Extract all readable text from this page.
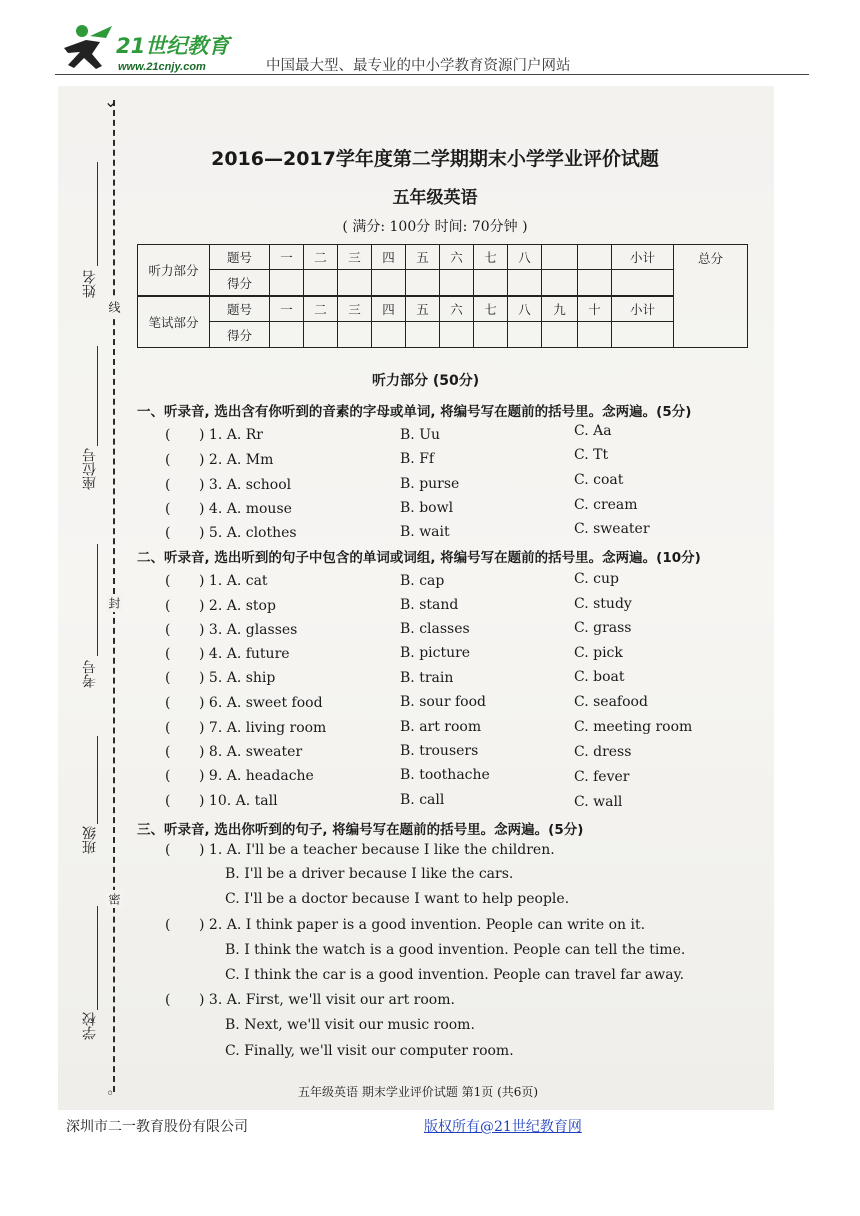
21世纪教育
www.21cnjy.com	中国最大型、最专业的中小学教育资源门户网站
⌄
◦
线
封
密
姓名
座位号
考号
班级
学校
2016—2017学年度第二学期期末小学学业评价试题
五年级英语
( 满分: 100分 时间: 70分钟 )
听力部分	题号	一	二	三	四	五	六	七	八			小计	总分
	得分												
笔试部分	题号	一	二	三	四	五	六	七	八	九	十	小计	
	得分												
听力部分 (50分)
一、听录音, 选出含有你听到的音素的字母或单词, 将编号写在题前的括号里。念两遍。(5分)
( ) 1. A. Rr	B. Uu	C. Aa
( ) 2. A. Mm	B. Ff	C. Tt
( ) 3. A. school	B. purse	C. coat
( ) 4. A. mouse	B. bowl	C. cream
( ) 5. A. clothes	B. wait	C. sweater
二、听录音, 选出听到的句子中包含的单词或词组, 将编号写在题前的括号里。念两遍。(10分)
( ) 1. A. cat	B. cap	C. cup
( ) 2. A. stop	B. stand	C. study
( ) 3. A. glasses	B. classes	C. grass
( ) 4. A. future	B. picture	C. pick
( ) 5. A. ship	B. train	C. boat
( ) 6. A. sweet food	B. sour food	C. seafood
( ) 7. A. living room	B. art room	C. meeting room
( ) 8. A. sweater	B. trousers	C. dress
( ) 9. A. headache	B. toothache	C. fever
( ) 10. A. tall	B. call	C. wall
三、听录音, 选出你听到的句子, 将编号写在题前的括号里。念两遍。(5分)
( ) 1. A. I'll be a teacher because I like the children.
B. I'll be a driver because I like the cars.
C. I'll be a doctor because I want to help people.
( ) 2. A. I think paper is a good invention. People can write on it.
B. I think the watch is a good invention. People can tell the time.
C. I think the car is a good invention. People can travel far away.
( ) 3. A. First, we'll visit our art room.
B. Next, we'll visit our music room.
C. Finally, we'll visit our computer room.
五年级英语 期末学业评价试题 第1页 (共6页)
深圳市二一教育股份有限公司	版权所有@21世纪教育网
